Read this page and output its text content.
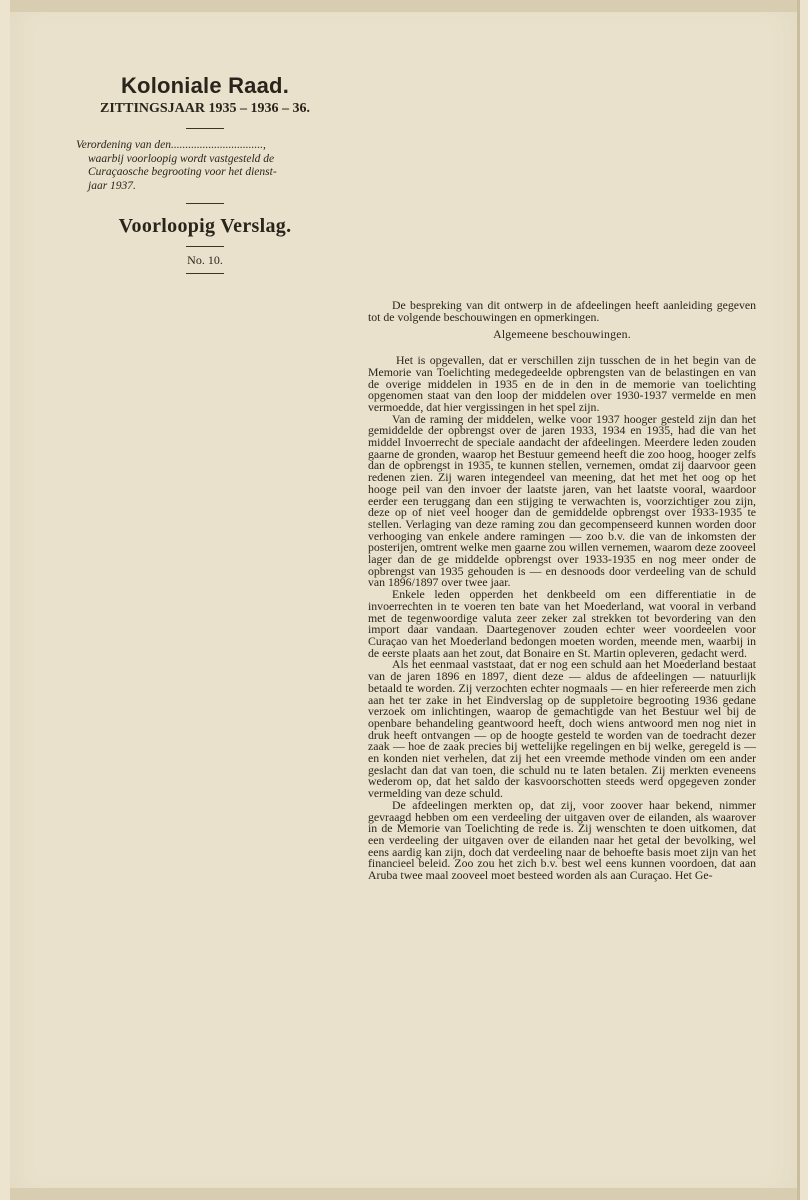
Koloniale Raad.
ZITTINGSJAAR 1935 – 1936 – 36.
Verordening van den................................,
waarbij voorloopig wordt vastgesteld de
Curaçaosche begrooting voor het dienst-
jaar 1937.
Voorloopig Verslag.
No. 10.

De bespreking van dit ontwerp in de afdeelingen heeft aanleiding gegeven tot de volgende beschouwingen en opmerkingen.

Algemeene beschouwingen.

Het is opgevallen, dat er verschillen zijn tusschen de in het begin van de Memorie van Toelichting medegedeelde opbrengsten van de belastingen en van de overige middelen in 1935 en de in den in de memorie van toelichting opgenomen staat van den loop der middelen over 1930-1937 vermelde en men vermoedde, dat hier vergissingen in het spel zijn.

Van de raming der middelen, welke voor 1937 hooger gesteld zijn dan het gemiddelde der opbrengst over de jaren 1933, 1934 en 1935, had die van het middel Invoerrecht de speciale aandacht der afdeelingen. Meerdere leden zouden gaarne de gronden, waarop het Bestuur gemeend heeft die zoo hoog, hooger zelfs dan de opbrengst in 1935, te kunnen stellen, vernemen, omdat zij daarvoor geen redenen zien. Zij waren integendeel van meening, dat het met het oog op het hooge peil van den invoer der laatste jaren, van het laatste vooral, waardoor eerder een teruggang dan een stijging te verwachten is, voorzichtiger zou zijn, deze op of niet veel hooger dan de gemiddelde opbrengst over 1933-1935 te stellen. Verlaging van deze raming zou dan gecompenseerd kunnen worden door verhooging van enkele andere ramingen — zoo b.v. die van de inkomsten der posterijen, omtrent welke men gaarne zou willen vernemen, waarom deze zooveel lager dan de ge middelde opbrengst over 1933-1935 en nog meer onder de opbrengst van 1935 gehouden is — en desnoods door verdeeling van de schuld van 1896/1897 over twee jaar.

Enkele leden opperden het denkbeeld om een differentiatie in de invoerrechten in te voeren ten bate van het Moederland, wat vooral in verband met de tegenwoordige valuta zeer zeker zal strekken tot bevordering van den import daar vandaan. Daartegenover zouden echter weer voordeelen voor Curaçao van het Moederland bedongen moeten worden, meende men, waarbij in de eerste plaats aan het zout, dat Bonaire en St. Martin opleveren, gedacht werd.

Als het eenmaal vaststaat, dat er nog een schuld aan het Moederland bestaat van de jaren 1896 en 1897, dient deze — aldus de afdeelingen — natuurlijk betaald te worden. Zij verzochten echter nogmaals — en hier refereerde men zich aan het ter zake in het Eindverslag op de suppletoire begrooting 1936 gedane verzoek om inlichtingen, waarop de gemachtigde van het Bestuur wel bij de openbare behandeling geantwoord heeft, doch wiens antwoord men nog niet in druk heeft ontvangen — op de hoogte gesteld te worden van de toedracht dezer zaak — hoe de zaak precies bij wettelijke regelingen en bij welke, geregeld is — en konden niet verhelen, dat zij het een vreemde methode vinden om een ander geslacht dan dat van toen, die schuld nu te laten betalen. Zij merkten eveneens wederom op, dat het saldo der kasvoorschotten steeds werd opgegeven zonder vermelding van deze schuld.

De afdeelingen merkten op, dat zij, voor zoover haar bekend, nimmer gevraagd hebben om een verdeeling der uitgaven over de eilanden, als waarover in de Memorie van Toelichting de rede is. Zij wenschten te doen uitkomen, dat een verdeeling der uitgaven over de eilanden naar het getal der bevolking, wel eens aardig kan zijn, doch dat verdeeling naar de behoefte basis moet zijn van het financieel beleid. Zoo zou het zich b.v. best wel eens kunnen voordoen, dat aan Aruba twee maal zooveel moet besteed worden als aan Curaçao. Het Ge-
